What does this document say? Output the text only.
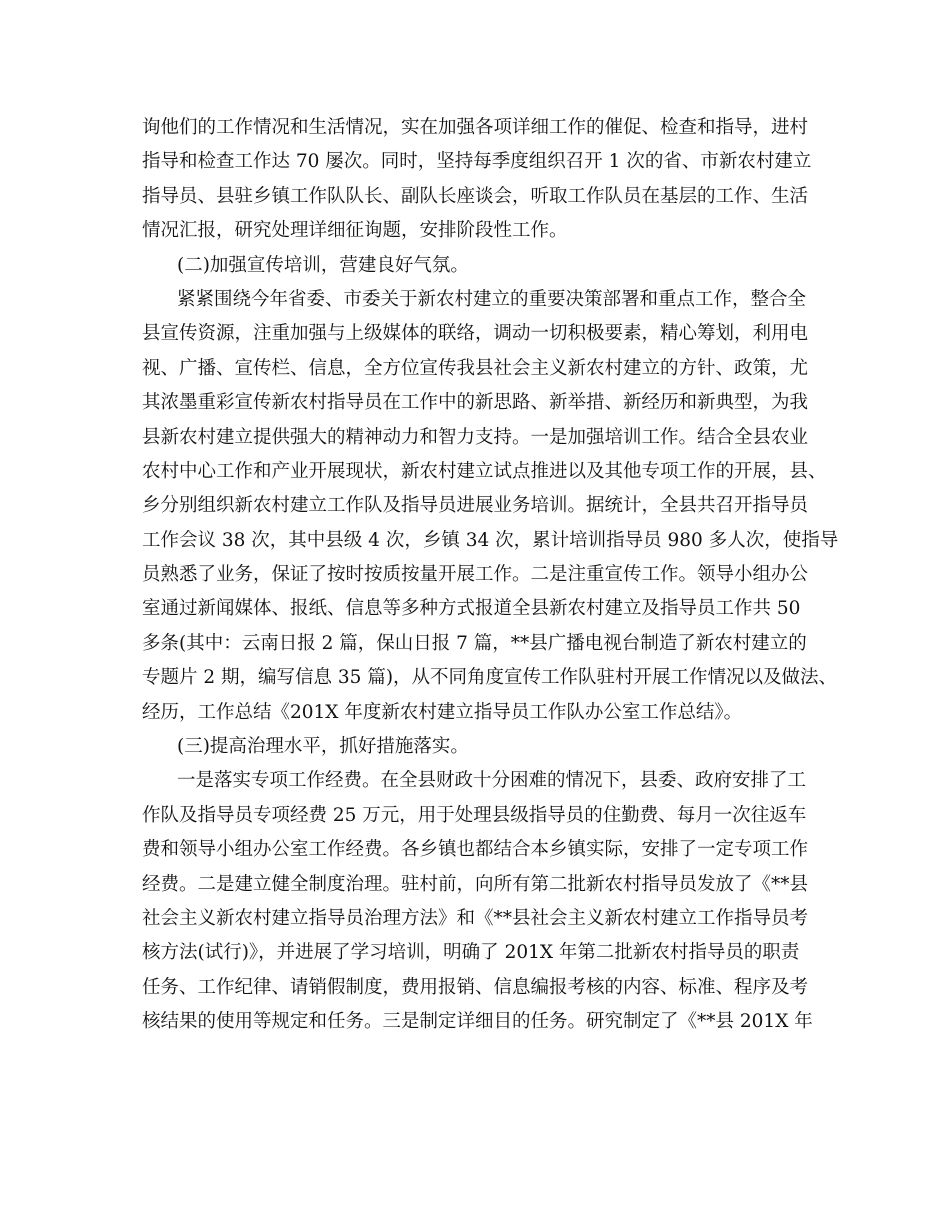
询他们的工作情况和生活情况，实在加强各项详细工作的催促、检查和指导，进村
指导和检查工作达 70 屡次。同时，坚持每季度组织召开 1 次的省、市新农村建立
指导员、县驻乡镇工作队队长、副队长座谈会，听取工作队员在基层的工作、生活
情况汇报，研究处理详细征询题，安排阶段性工作。
(二)加强宣传培训，营建良好气氛。
紧紧围绕今年省委、市委关于新农村建立的重要决策部署和重点工作，整合全
县宣传资源，注重加强与上级媒体的联络，调动一切积极要素，精心筹划，利用电
视、广播、宣传栏、信息，全方位宣传我县社会主义新农村建立的方针、政策，尤
其浓墨重彩宣传新农村指导员在工作中的新思路、新举措、新经历和新典型，为我
县新农村建立提供强大的精神动力和智力支持。一是加强培训工作。结合全县农业
农村中心工作和产业开展现状，新农村建立试点推进以及其他专项工作的开展，县、
乡分别组织新农村建立工作队及指导员进展业务培训。据统计，全县共召开指导员
工作会议 38 次，其中县级 4 次，乡镇 34 次，累计培训指导员 980 多人次，使指导
员熟悉了业务，保证了按时按质按量开展工作。二是注重宣传工作。领导小组办公
室通过新闻媒体、报纸、信息等多种方式报道全县新农村建立及指导员工作共 50
多条(其中：云南日报 2 篇，保山日报 7 篇，**县广播电视台制造了新农村建立的
专题片 2 期，编写信息 35 篇)，从不同角度宣传工作队驻村开展工作情况以及做法、
经历，工作总结《201X 年度新农村建立指导员工作队办公室工作总结》。
(三)提高治理水平，抓好措施落实。
一是落实专项工作经费。在全县财政十分困难的情况下，县委、政府安排了工
作队及指导员专项经费 25 万元，用于处理县级指导员的住勤费、每月一次往返车
费和领导小组办公室工作经费。各乡镇也都结合本乡镇实际，安排了一定专项工作
经费。二是建立健全制度治理。驻村前，向所有第二批新农村指导员发放了《**县
社会主义新农村建立指导员治理方法》和《**县社会主义新农村建立工作指导员考
核方法(试行)》，并进展了学习培训，明确了 201X 年第二批新农村指导员的职责
任务、工作纪律、请销假制度，费用报销、信息编报考核的内容、标准、程序及考
核结果的使用等规定和任务。三是制定详细目的任务。研究制定了《**县 201X 年
